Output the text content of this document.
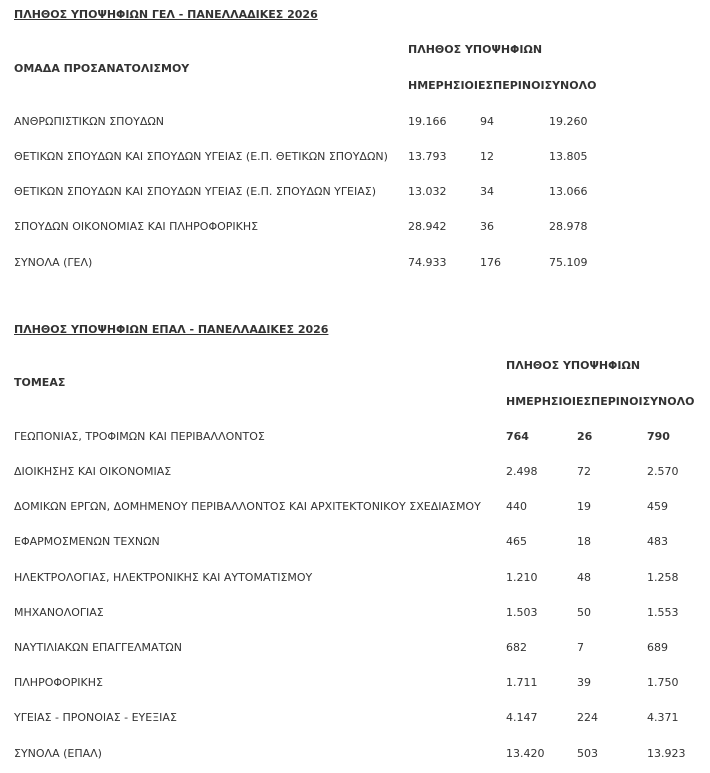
ΠΛΗΘΟΣ ΥΠΟΨΗΦΙΩΝ ΓΕΛ - ΠΑΝΕΛΛΑΔΙΚΕΣ 2026
ΟΜΑΔΑ ΠΡΟΣΑΝΑΤΟΛΙΣΜΟΥ
ΠΛΗΘΟΣ ΥΠΟΨΗΦΙΩΝ
ΗΜΕΡΗΣΙΟΙΕΣΠΕΡΙΝΟΙΣΥΝΟΛΟ
ΑΝΘΡΩΠΙΣΤΙΚΩΝ ΣΠΟΥΔΩΝ	19.166	94	19.260
ΘΕΤΙΚΩΝ ΣΠΟΥΔΩΝ ΚΑΙ ΣΠΟΥΔΩΝ ΥΓΕΙΑΣ (Ε.Π. ΘΕΤΙΚΩΝ ΣΠΟΥΔΩΝ) 13.793	12	13.805
ΘΕΤΙΚΩΝ ΣΠΟΥΔΩΝ ΚΑΙ ΣΠΟΥΔΩΝ ΥΓΕΙΑΣ (Ε.Π. ΣΠΟΥΔΩΝ ΥΓΕΙΑΣ)	13.032	34	13.066
ΣΠΟΥΔΩΝ ΟΙΚΟΝΟΜΙΑΣ ΚΑΙ ΠΛΗΡΟΦΟΡΙΚΗΣ	28.942	36	28.978
ΣΥΝΟΛΑ (ΓΕΛ)	74.933	176	75.109
ΠΛΗΘΟΣ ΥΠΟΨΗΦΙΩΝ ΕΠΑΛ - ΠΑΝΕΛΛΑΔΙΚΕΣ 2026
ΤΟΜΕΑΣ
ΠΛΗΘΟΣ ΥΠΟΨΗΦΙΩΝ
ΗΜΕΡΗΣΙΟΙΕΣΠΕΡΙΝΟΙΣΥΝΟΛΟ
ΓΕΩΠΟΝΙΑΣ, ΤΡΟΦΙΜΩΝ ΚΑΙ ΠΕΡΙΒΑΛΛΟΝΤΟΣ	764	26	790
ΔΙΟΙΚΗΣΗΣ ΚΑΙ ΟΙΚΟΝΟΜΙΑΣ	2.498	72	2.570
ΔΟΜΙΚΩΝ ΕΡΓΩΝ, ΔΟΜΗΜΕΝΟΥ ΠΕΡΙΒΑΛΛΟΝΤΟΣ ΚΑΙ ΑΡΧΙΤΕΚΤΟΝΙΚΟΥ ΣΧΕΔΙΑΣΜΟΥ 440	19	459
ΕΦΑΡΜΟΣΜΕΝΩΝ ΤΕΧΝΩΝ	465	18	483
ΗΛΕΚΤΡΟΛΟΓΙΑΣ, ΗΛΕΚΤΡΟΝΙΚΗΣ ΚΑΙ ΑΥΤΟΜΑΤΙΣΜΟΥ	1.210	48	1.258
ΜΗΧΑΝΟΛΟΓΙΑΣ	1.503	50	1.553
ΝΑΥΤΙΛΙΑΚΩΝ ΕΠΑΓΓΕΛΜΑΤΩΝ	682	7	689
ΠΛΗΡΟΦΟΡΙΚΗΣ	1.711	39	1.750
ΥΓΕΙΑΣ - ΠΡΟΝΟΙΑΣ - ΕΥΕΞΙΑΣ	4.147	224	4.371
ΣΥΝΟΛΑ (ΕΠΑΛ)	13.420	503	13.923
